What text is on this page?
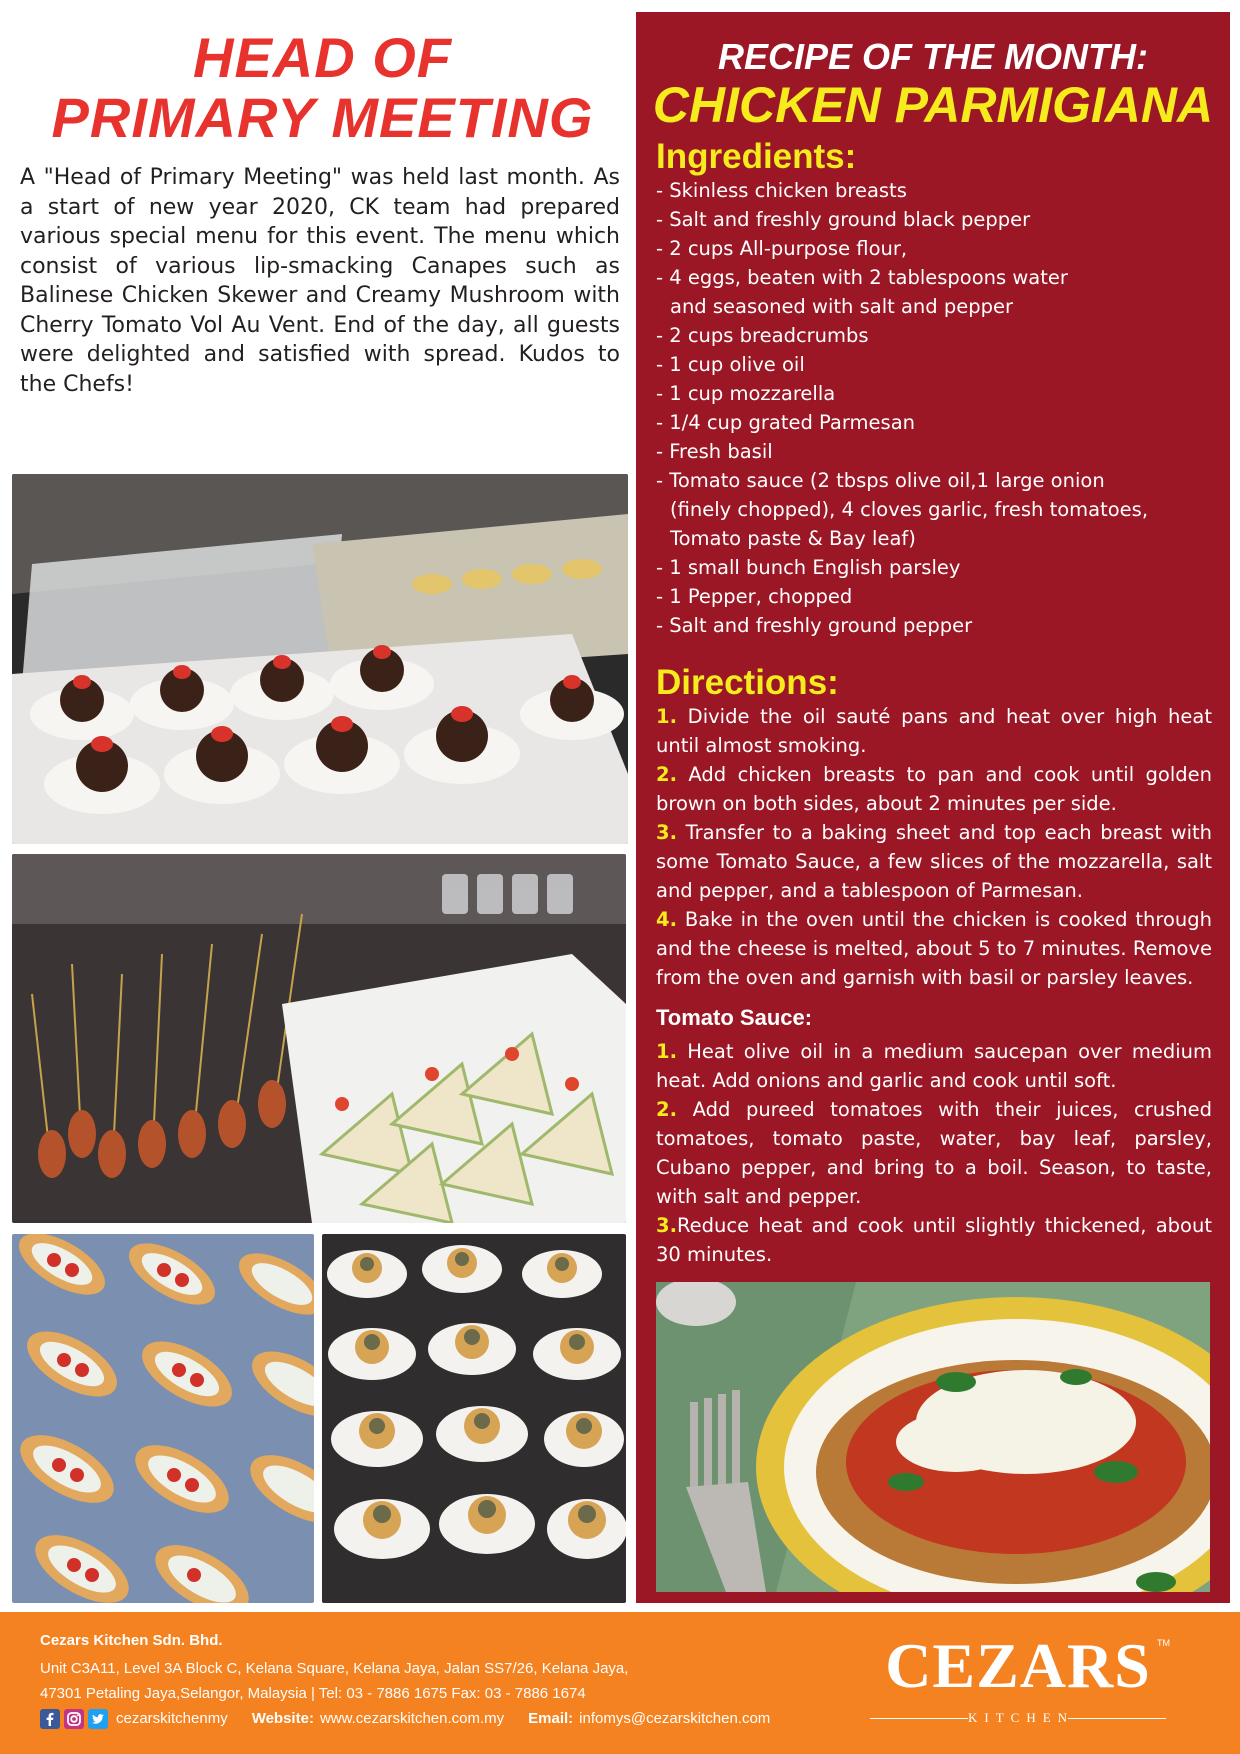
HEAD OF
PRIMARY MEETING

A "Head of Primary Meeting" was held last month. As a start of new year 2020, CK team had prepared various special menu for this event. The menu which consist of various lip-smacking Canapes such as Balinese Chicken Skewer and Creamy Mushroom with Cherry Tomato Vol Au Vent. End of the day, all guests were delighted and satisfied with spread. Kudos to the Chefs!

RECIPE OF THE MONTH:
CHICKEN PARMIGIANA
Ingredients:
- Skinless chicken breasts
- Salt and freshly ground black pepper
- 2 cups All-purpose flour,
- 4 eggs, beaten with 2 tablespoons water
and seasoned with salt and pepper
- 2 cups breadcrumbs
- 1 cup olive oil
- 1 cup mozzarella
- 1/4 cup grated Parmesan
- Fresh basil
- Tomato sauce (2 tbsps olive oil,1 large onion
(finely chopped), 4 cloves garlic, fresh tomatoes,
Tomato paste & Bay leaf)
- 1 small bunch English parsley
- 1 Pepper, chopped
- Salt and freshly ground pepper
Directions:
1. Divide the oil sauté pans and heat over high heat until almost smoking.
2. Add chicken breasts to pan and cook until golden brown on both sides, about 2 minutes per side.
3. Transfer to a baking sheet and top each breast with some Tomato Sauce, a few slices of the mozzarella, salt and pepper, and a tablespoon of Parmesan.
4. Bake in the oven until the chicken is cooked through and the cheese is melted, about 5 to 7 minutes. Remove from the oven and garnish with basil or parsley leaves.
Tomato Sauce:
1. Heat olive oil in a medium saucepan over medium heat. Add onions and garlic and cook until soft.
2. Add pureed tomatoes with their juices, crushed tomatoes, tomato paste, water, bay leaf, parsley, Cubano pepper, and bring to a boil. Season, to taste, with salt and pepper.
3.Reduce heat and cook until slightly thickened, about 30 minutes.
Cezars Kitchen Sdn. Bhd.
Unit C3A11, Level 3A Block C, Kelana Square, Kelana Jaya, Jalan SS7/26, Kelana Jaya,
47301 Petaling Jaya,Selangor, Malaysia | Tel: 03 - 7886 1675 Fax: 03 - 7886 1674
cezarskitchenmy Website: www.cezarskitchen.com.my Email: infomys@cezarskitchen.com
CEZARS TM
KITCHEN
